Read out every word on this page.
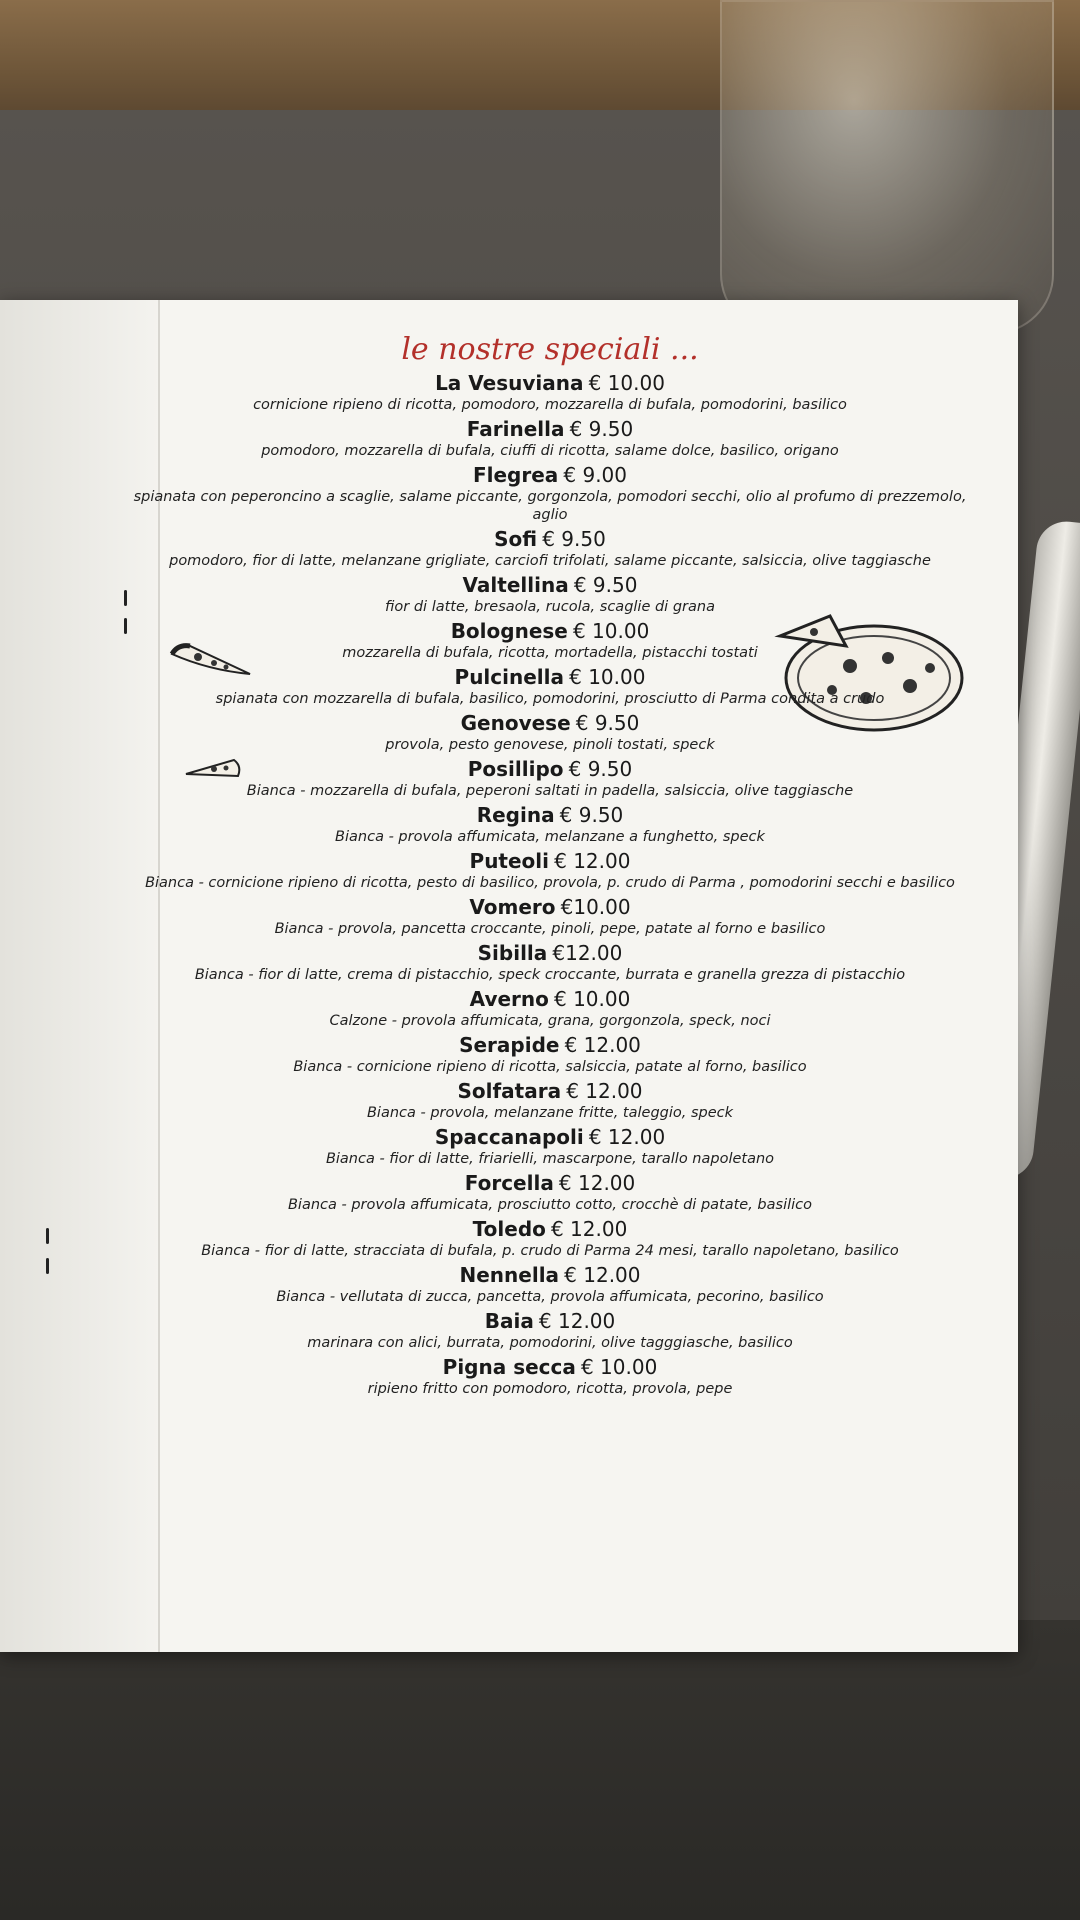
le nostre speciali ...
La Vesuviana € 10.00
cornicione ripieno di ricotta, pomodoro, mozzarella di bufala, pomodorini, basilico
Farinella € 9.50
pomodoro, mozzarella di bufala, ciuffi di ricotta, salame dolce, basilico, origano
Flegrea € 9.00
spianata con peperoncino a scaglie, salame piccante, gorgonzola, pomodori secchi, olio al profumo di prezzemolo, aglio
Sofi € 9.50
pomodoro, fior di latte, melanzane grigliate, carciofi trifolati, salame piccante, salsiccia, olive taggiasche
Valtellina € 9.50
fior di latte, bresaola, rucola, scaglie di grana
Bolognese € 10.00
mozzarella di bufala, ricotta, mortadella, pistacchi tostati
Pulcinella € 10.00
spianata con mozzarella di bufala, basilico, pomodorini, prosciutto di Parma condita a crudo
Genovese € 9.50
provola, pesto genovese, pinoli tostati, speck
Posillipo € 9.50
Bianca - mozzarella di bufala, peperoni saltati in padella, salsiccia, olive taggiasche
Regina € 9.50
Bianca - provola affumicata, melanzane a funghetto, speck
Puteoli € 12.00
Bianca - cornicione ripieno di ricotta, pesto di basilico, provola, p. crudo di Parma , pomodorini secchi e basilico
Vomero €10.00
Bianca - provola, pancetta croccante, pinoli, pepe, patate al forno e basilico
Sibilla €12.00
Bianca - fior di latte, crema di pistacchio, speck croccante, burrata e granella grezza di pistacchio
Averno € 10.00
Calzone - provola affumicata, grana, gorgonzola, speck, noci
Serapide € 12.00
Bianca - cornicione ripieno di ricotta, salsiccia, patate al forno, basilico
Solfatara € 12.00
Bianca - provola, melanzane fritte, taleggio, speck
Spaccanapoli € 12.00
Bianca - fior di latte, friarielli, mascarpone, tarallo napoletano
Forcella € 12.00
Bianca - provola affumicata, prosciutto cotto, crocchè di patate, basilico
Toledo € 12.00
Bianca - fior di latte, stracciata di bufala, p. crudo di Parma 24 mesi, tarallo napoletano, basilico
Nennella € 12.00
Bianca - vellutata di zucca, pancetta, provola affumicata, pecorino, basilico
Baia € 12.00
marinara con alici, burrata, pomodorini, olive tagggiasche, basilico
Pigna secca € 10.00
ripieno fritto con pomodoro, ricotta, provola, pepe
